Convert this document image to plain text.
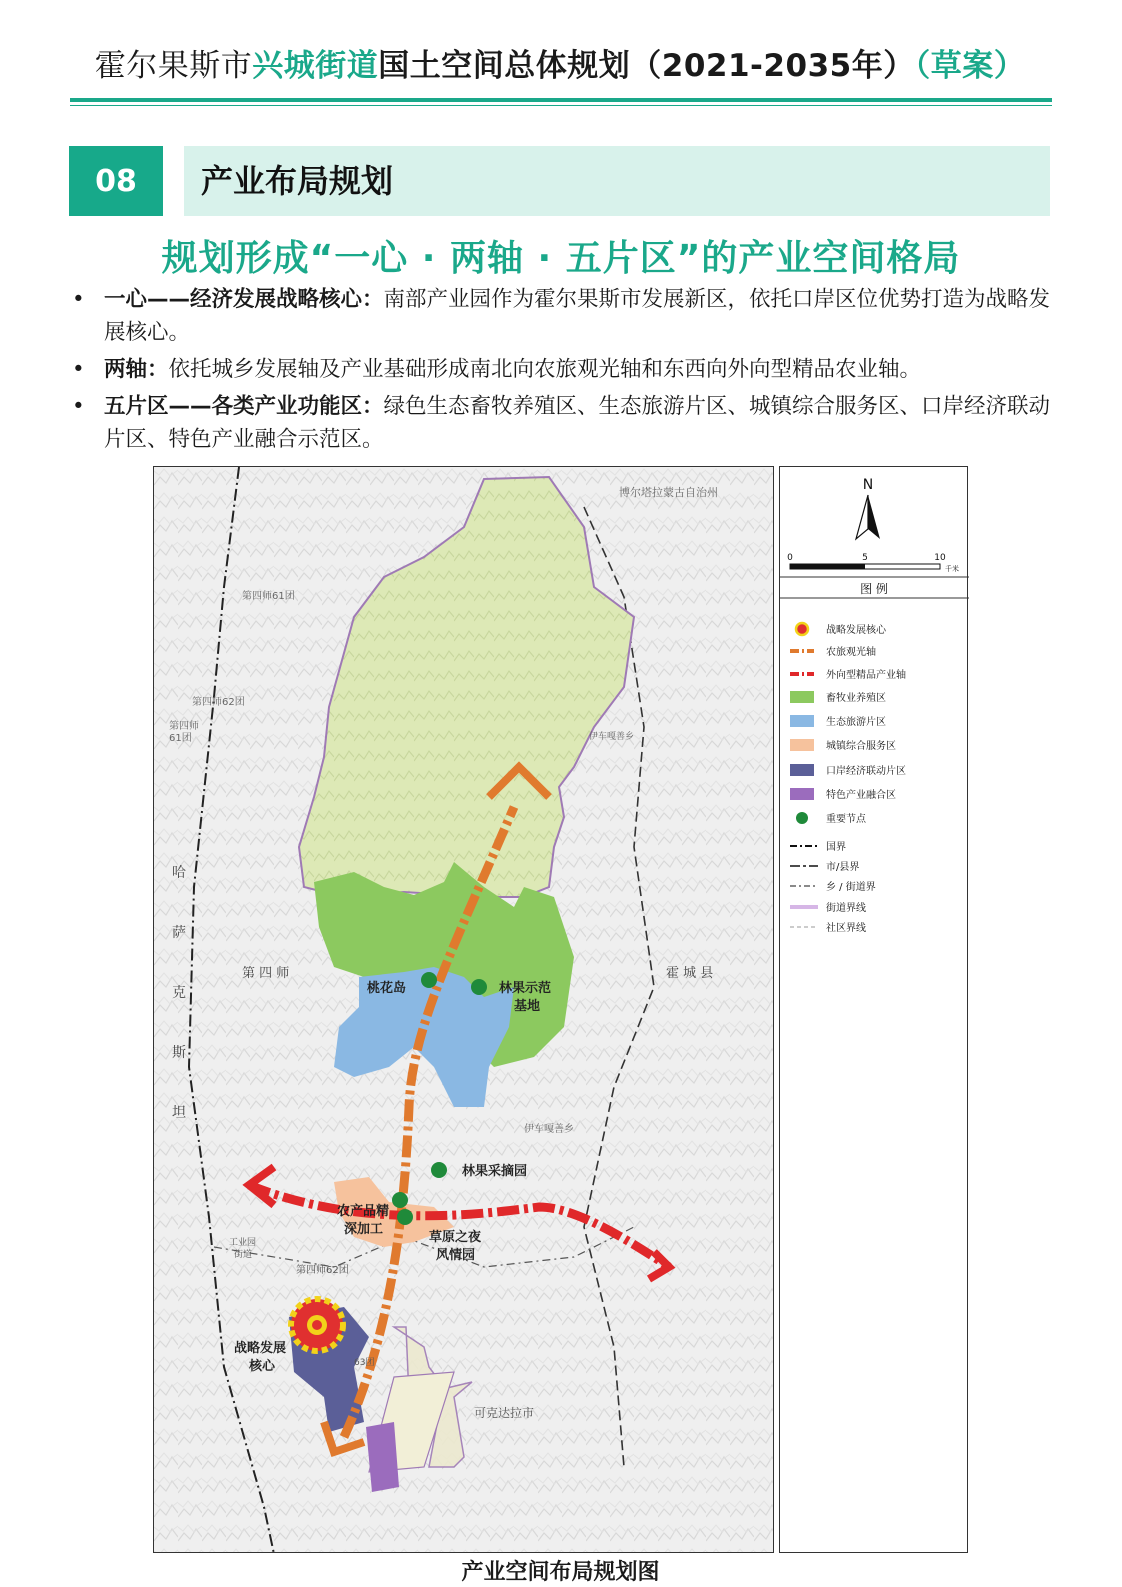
霍尔果斯市兴城街道国土空间总体规划（2021-2035年）（草案）
08	产业布局规划
规划形成“一心 · 两轴 · 五片区”的产业空间格局
• 一心——经济发展战略核心：南部产业园作为霍尔果斯市发展新区，依托口岸区位优势打造为战略发展核心。
• 两轴：依托城乡发展轴及产业基础形成南北向农旅观光轴和东西向外向型精品农业轴。
• 五片区——各类产业功能区：绿色生态畜牧养殖区、生态旅游片区、城镇综合服务区、口岸经济联动片区、特色产业融合示范区。
博尔塔拉蒙古自治州
第四师61团
第四师62团
第四师
61团	伊车嘎善乡
伊车嘎善乡
哈
萨
克
斯
坦
第 四 师	霍 城 县
桃花岛	林果示范
基地
农产品精
深加工
林果采摘园
草原之夜
风情园
第四师62团
战略发展
核心
可克达拉市
工业园
街道
63团
N
0	5	10
千米
图 例
战略发展核心
农旅观光轴
外向型精品产业轴
畜牧业养殖区
生态旅游片区
城镇综合服务区
口岸经济联动片区
特色产业融合区
重要节点
国界
市/县界
乡 / 街道界
街道界线
社区界线
产业空间布局规划图
